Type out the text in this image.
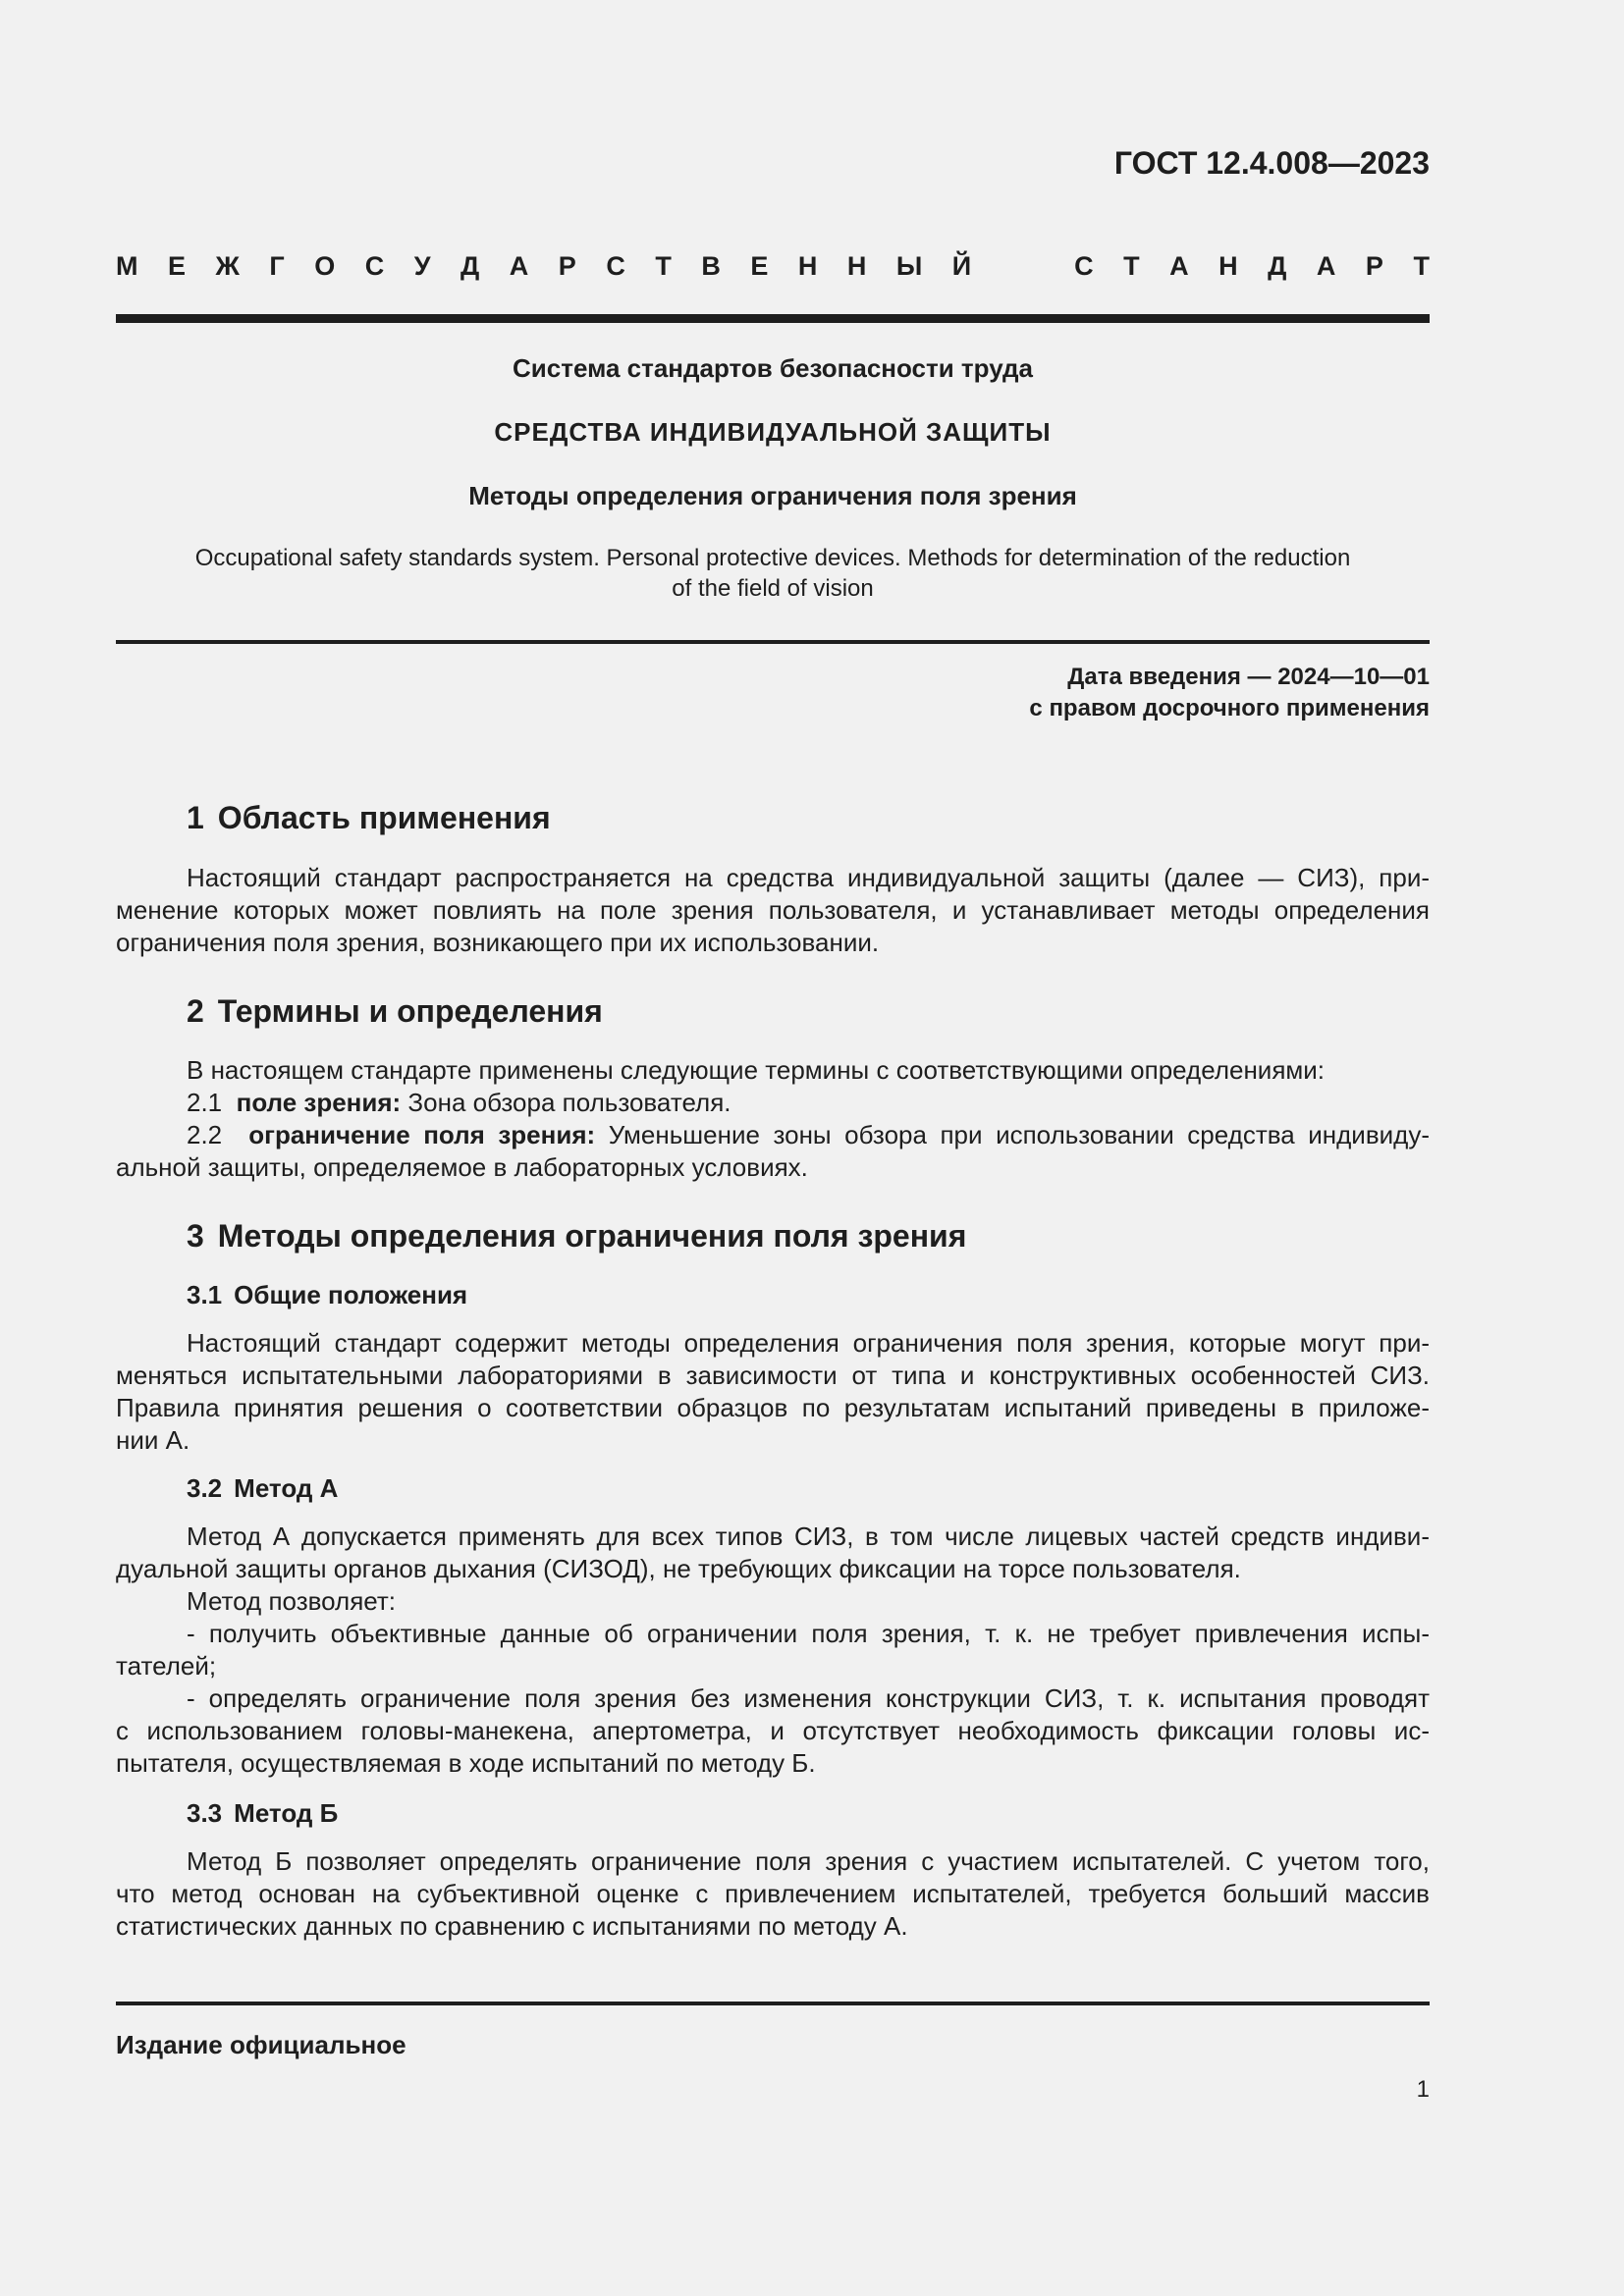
ГОСТ 12.4.008—2023
М Е Ж Г О С У Д А Р С Т В Е Н Н Ы Й	С Т А Н Д А Р Т
Система стандартов безопасности труда
СРЕДСТВА ИНДИВИДУАЛЬНОЙ ЗАЩИТЫ
Методы определения ограничения поля зрения
Occupational safety standards system. Personal protective devices. Methods for determination of the reduction
of the field of vision
Дата введения — 2024—10—01
с правом досрочного применения
1 Область применения
Настоящий стандарт распространяется на средства индивидуальной защиты (далее — СИЗ), при-
менение которых может повлиять на поле зрения пользователя, и устанавливает методы определения
ограничения поля зрения, возникающего при их использовании.
2 Термины и определения
В настоящем стандарте применены следующие термины с соответствующими определениями:
2.1 поле зрения: Зона обзора пользователя.
2.2 ограничение поля зрения: Уменьшение зоны обзора при использовании средства индивиду-
альной защиты, определяемое в лабораторных условиях.
3 Методы определения ограничения поля зрения
3.1 Общие положения
Настоящий стандарт содержит методы определения ограничения поля зрения, которые могут при-
меняться испытательными лабораториями в зависимости от типа и конструктивных особенностей СИЗ.
Правила принятия решения о соответствии образцов по результатам испытаний приведены в приложе-
нии А.
3.2 Метод А
Метод А допускается применять для всех типов СИЗ, в том числе лицевых частей средств индиви-
дуальной защиты органов дыхания (СИЗОД), не требующих фиксации на торсе пользователя.
Метод позволяет:
- получить объективные данные об ограничении поля зрения, т. к. не требует привлечения испы-
тателей;
- определять ограничение поля зрения без изменения конструкции СИЗ, т. к. испытания проводят
с использованием головы-манекена, апертометра, и отсутствует необходимость фиксации головы ис-
пытателя, осуществляемая в ходе испытаний по методу Б.
3.3 Метод Б
Метод Б позволяет определять ограничение поля зрения с участием испытателей. С учетом того,
что метод основан на субъективной оценке с привлечением испытателей, требуется больший массив
статистических данных по сравнению с испытаниями по методу А.
Издание официальное
1
